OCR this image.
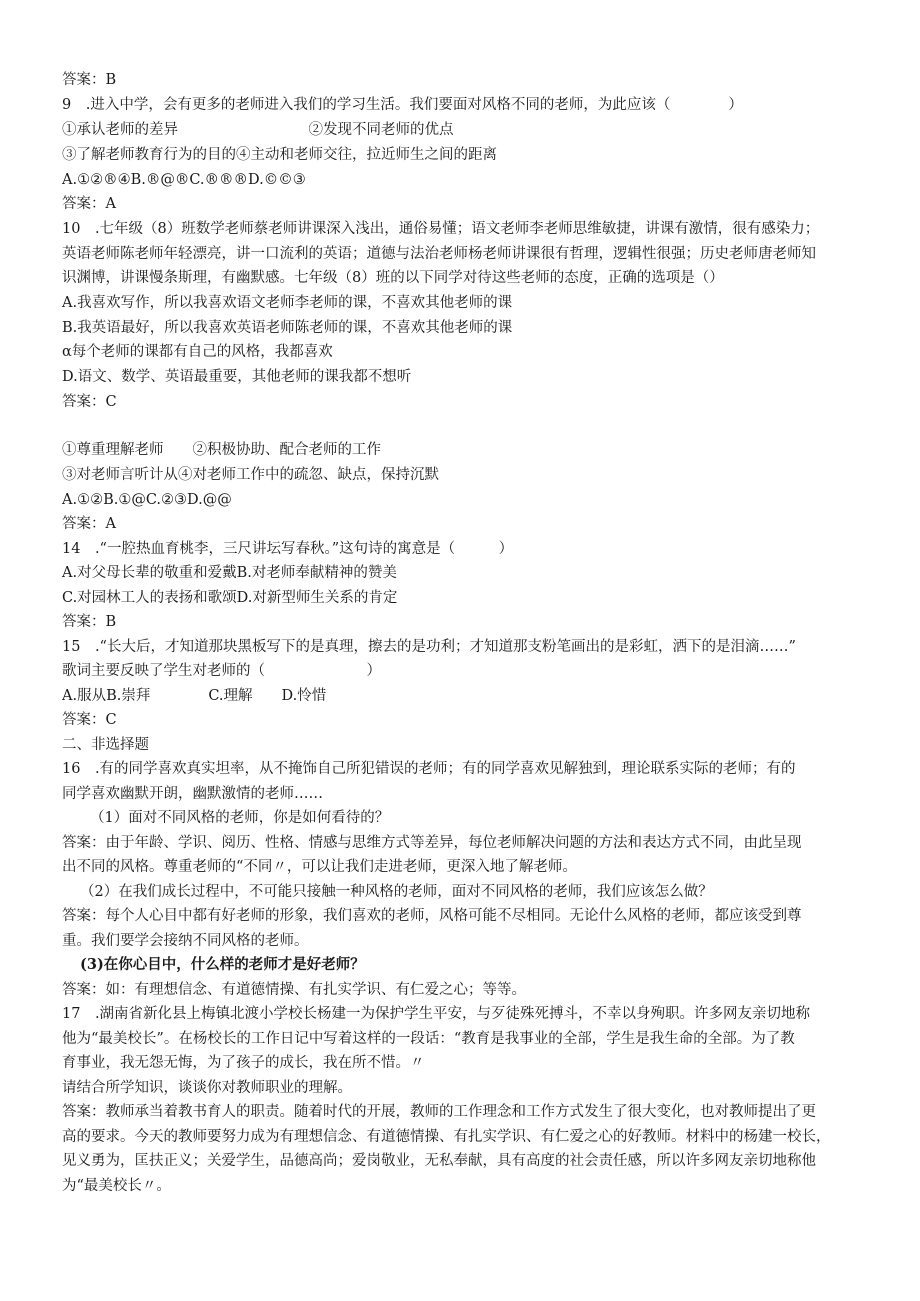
答案：B
9　.进入中学，会有更多的老师进入我们的学习生活。我们要面对风格不同的老师，为此应该（　　　　）
①承认老师的差异　　　　　　　　　②发现不同老师的优点
③了解老师教育行为的目的④主动和老师交往，拉近师生之间的距离
A.①②®④B.®@®C.®®®D.©©③
答案：A
10　.七年级（8）班数学老师蔡老师讲课深入浅出，通俗易懂；语文老师李老师思维敏捷，讲课有激情，很有感染力；
英语老师陈老师年轻漂亮，讲一口流利的英语；道德与法治老师杨老师讲课很有哲理，逻辑性很强；历史老师唐老师知
识渊博，讲课慢条斯理，有幽默感。七年级（8）班的以下同学对待这些老师的态度，正确的选项是（）
A.我喜欢写作，所以我喜欢语文老师李老师的课，不喜欢其他老师的课
B.我英语最好，所以我喜欢英语老师陈老师的课，不喜欢其他老师的课
α每个老师的课都有自己的风格，我都喜欢
D.语文、数学、英语最重要，其他老师的课我都不想听
答案：C
①尊重理解老师　　②积极协助、配合老师的工作
③对老师言听计从④对老师工作中的疏忽、缺点，保持沉默
A.①②B.①@C.②③D.@@
答案：A
14　.“一腔热血育桃李，三尺讲坛写春秋。”这句诗的寓意是（　　　）
A.对父母长辈的敬重和爱戴B.对老师奉献精神的赞美
C.对园林工人的表扬和歌颂D.对新型师生关系的肯定
答案：B
15　.“长大后，才知道那块黑板写下的是真理，擦去的是功利；才知道那支粉笔画出的是彩虹，洒下的是泪滴……”
歌词主要反映了学生对老师的（　　　　　　　）
A.服从B.崇拜　　　　C.理解　　D.怜惜
答案：C
二、非选择题
16　.有的同学喜欢真实坦率，从不掩饰自己所犯错误的老师；有的同学喜欢见解独到，理论联系实际的老师；有的
同学喜欢幽默开朗，幽默激情的老师……
（1）面对不同风格的老师，你是如何看待的？
答案：由于年龄、学识、阅历、性格、情感与思维方式等差异，每位老师解决问题的方法和表达方式不同，由此呈现
出不同的风格。尊重老师的“不同〃，可以让我们走进老师，更深入地了解老师。
（2）在我们成长过程中，不可能只接触一种风格的老师，面对不同风格的老师，我们应该怎么做？
答案：每个人心目中都有好老师的形象，我们喜欢的老师，风格可能不尽相同。无论什么风格的老师，都应该受到尊
重。我们要学会接纳不同风格的老师。
(3)在你心目中，什么样的老师才是好老师？
答案：如：有理想信念、有道德情操、有扎实学识、有仁爱之心；等等。
17　.湖南省新化县上梅镇北渡小学校长杨建一为保护学生平安，与歹徒殊死搏斗，不幸以身殉职。许多网友亲切地称
他为“最美校长”。在杨校长的工作日记中写着这样的一段话：“教育是我事业的全部，学生是我生命的全部。为了教
育事业，我无怨无悔，为了孩子的成长，我在所不惜。〃
请结合所学知识，谈谈你对教师职业的理解。
答案：教师承当着教书育人的职责。随着时代的开展，教师的工作理念和工作方式发生了很大变化，也对教师提出了更
高的要求。今天的教师要努力成为有理想信念、有道德情操、有扎实学识、有仁爱之心的好教师。材料中的杨建一校长，
见义勇为，匡扶正义；关爱学生，品德高尚；爱岗敬业，无私奉献，具有高度的社会责任感，所以许多网友亲切地称他
为“最美校长〃。
